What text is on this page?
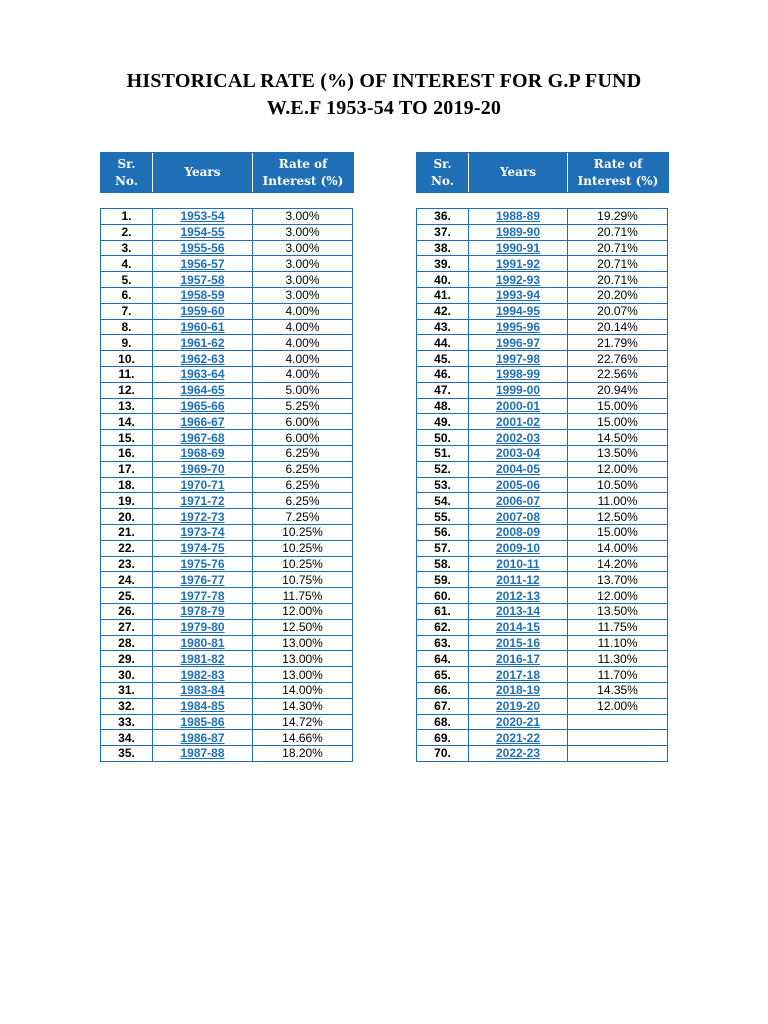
HISTORICAL RATE (%) OF INTEREST FOR G.P FUND
W.E.F 1953-54 TO 2019-20
Sr.
No.
Years
Rate of
Interest (%)
Sr.
No.
Years
Rate of
Interest (%)
1.	1953-54	3.00%
2.	1954-55	3.00%
3.	1955-56	3.00%
4.	1956-57	3.00%
5.	1957-58	3.00%
6.	1958-59	3.00%
7.	1959-60	4.00%
8.	1960-61	4.00%
9.	1961-62	4.00%
10.	1962-63	4.00%
11.	1963-64	4.00%
12.	1964-65	5.00%
13.	1965-66	5.25%
14.	1966-67	6.00%
15.	1967-68	6.00%
16.	1968-69	6.25%
17.	1969-70	6.25%
18.	1970-71	6.25%
19.	1971-72	6.25%
20.	1972-73	7.25%
21.	1973-74	10.25%
22.	1974-75	10.25%
23.	1975-76	10.25%
24.	1976-77	10.75%
25.	1977-78	11.75%
26.	1978-79	12.00%
27.	1979-80	12.50%
28.	1980-81	13.00%
29.	1981-82	13.00%
30.	1982-83	13.00%
31.	1983-84	14.00%
32.	1984-85	14.30%
33.	1985-86	14.72%
34.	1986-87	14.66%
35.	1987-88	18.20%
36.	1988-89	19.29%
37.	1989-90	20.71%
38.	1990-91	20.71%
39.	1991-92	20.71%
40.	1992-93	20.71%
41.	1993-94	20.20%
42.	1994-95	20.07%
43.	1995-96	20.14%
44.	1996-97	21.79%
45.	1997-98	22.76%
46.	1998-99	22.56%
47.	1999-00	20.94%
48.	2000-01	15.00%
49.	2001-02	15.00%
50.	2002-03	14.50%
51.	2003-04	13.50%
52.	2004-05	12.00%
53.	2005-06	10.50%
54.	2006-07	11.00%
55.	2007-08	12.50%
56.	2008-09	15.00%
57.	2009-10	14.00%
58.	2010-11	14.20%
59.	2011-12	13.70%
60.	2012-13	12.00%
61.	2013-14	13.50%
62.	2014-15	11.75%
63.	2015-16	11.10%
64.	2016-17	11.30%
65.	2017-18	11.70%
66.	2018-19	14.35%
67.	2019-20	12.00%
68.	2020-21	
69.	2021-22	
70.	2022-23	
